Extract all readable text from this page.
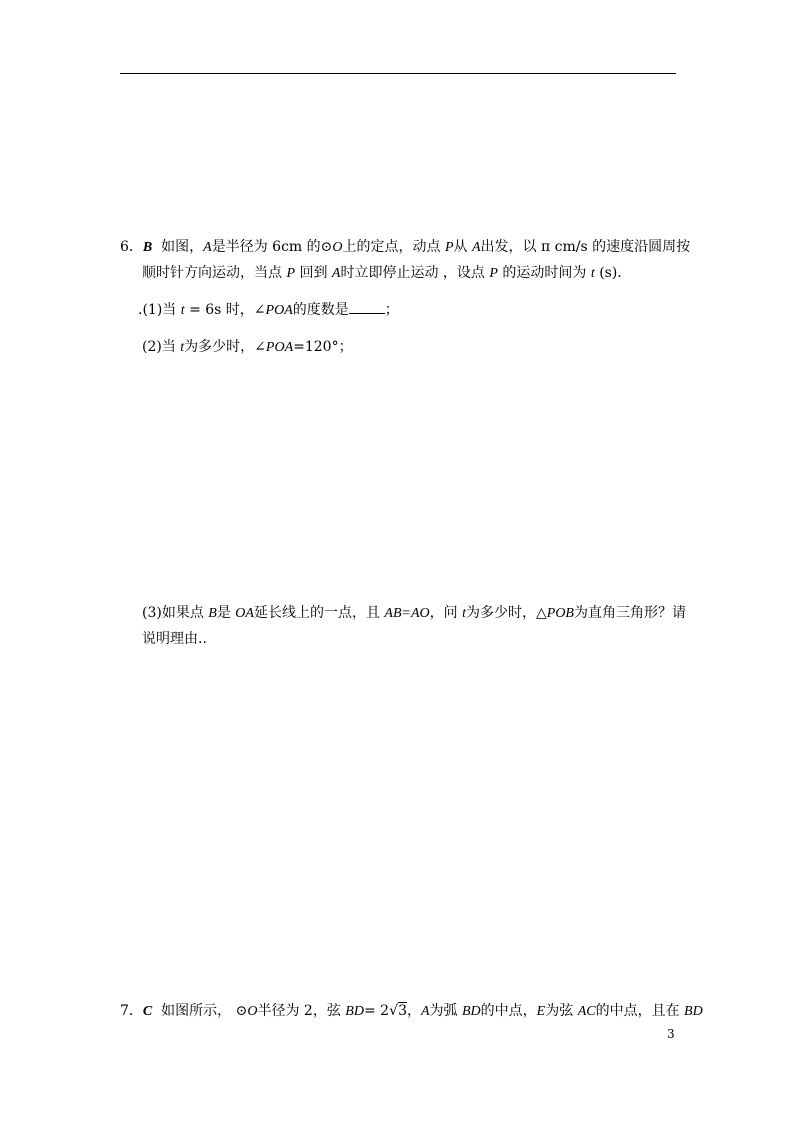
A	O
C
D
B
6．B 如图，A是半径为 6cm 的⊙O上的定点，动点 P从 A出发，以 π cm/s 的速度沿圆周按
顺时针方向运动，当点 P 回到 A时立即停止运动 ，设点 P 的运动时间为 t (s)．
.(1)当 t = 6s 时，∠POA的度数是	；
(2)当 t为多少时，∠POA=120°；
O
A
P
(3)如果点 B是 OA延长线上的一点，且 AB=AO，问 t为多少时，△POB为直角三角形？请
说明理由..
O
A	B
P
7．C 如图所示， ⊙O半径为 2，弦 BD= 2√ 3，A为弧 BD的中点，E为弦 AC的中点，且在 BD
3
